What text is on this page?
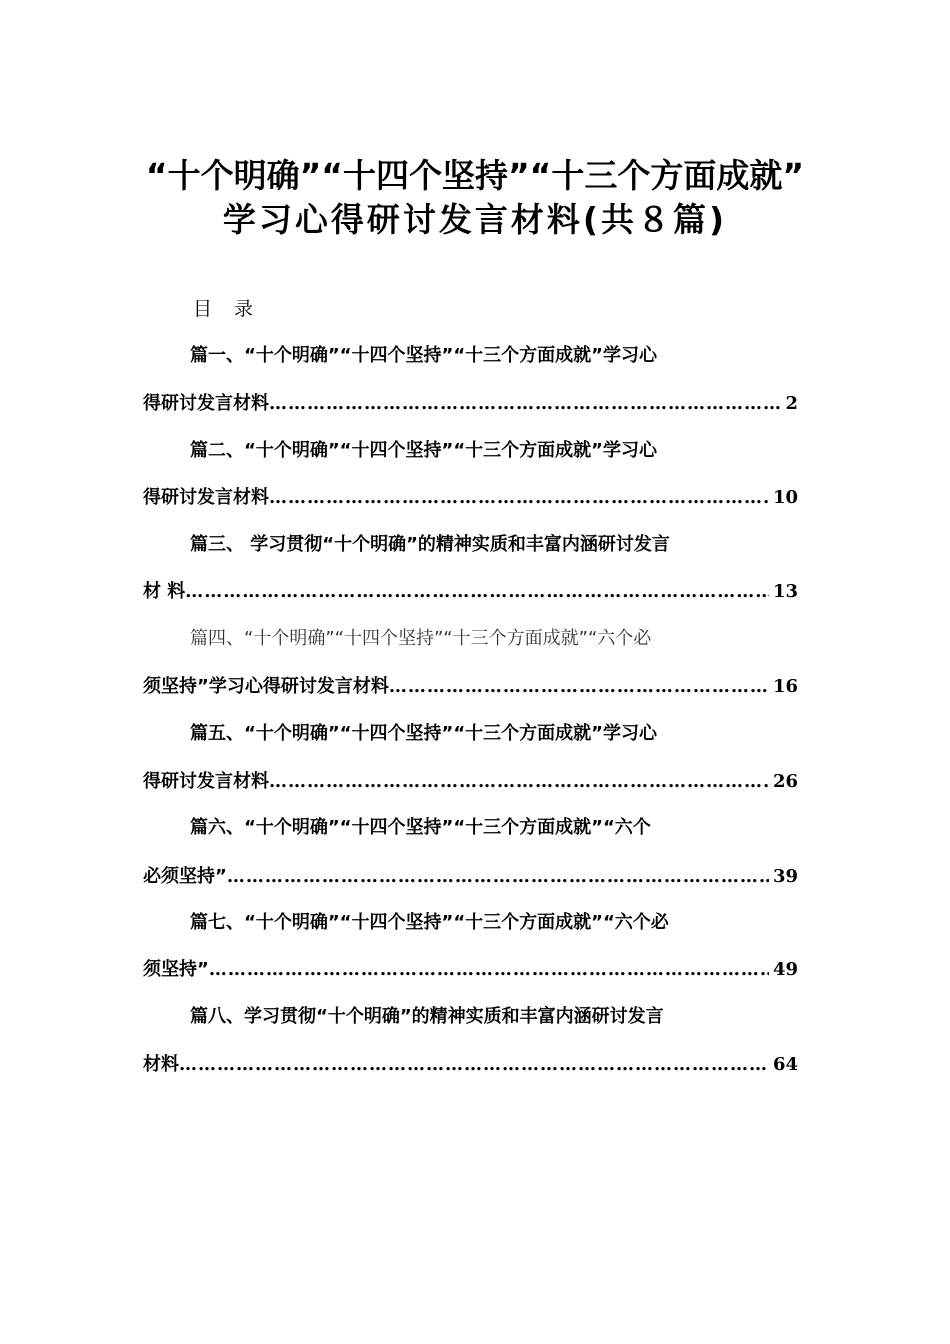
“十个明确”“十四个坚持”“十三个方面成就”
学习心得研讨发言材料(共８篇)
目录
篇一、“十个明确”“十四个坚持”“十三个方面成就”学习心
得研讨发言材料 ……………………………………………………………………………………………………………………………………………………………………	2
篇二、“十个明确”“十四个坚持”“十三个方面成就”学习心
得研讨发言材料 ……………………………………………………………………………………………………………………………………………………………………	10
篇三、 学习贯彻“十个明确”的精神实质和丰富内涵研讨发言
材 料 ……………………………………………………………………………………………………………………………………………………………………	13
篇四、“十个明确”“十四个坚持”“十三个方面成就”“六个必
须坚持”学习心得研讨发言材料 ……………………………………………………………………………………………………………………………………………………………………	16
篇五、“十个明确”“十四个坚持”“十三个方面成就”学习心
得研讨发言材料 ……………………………………………………………………………………………………………………………………………………………………	26
篇六、“十个明确”“十四个坚持”“十三个方面成就”“六个
必须坚持” ……………………………………………………………………………………………………………………………………………………………………	39
篇七、“十个明确”“十四个坚持”“十三个方面成就”“六个必
须坚持” ……………………………………………………………………………………………………………………………………………………………………	49
篇八、学习贯彻“十个明确”的精神实质和丰富内涵研讨发言
材料 ……………………………………………………………………………………………………………………………………………………………………	64
